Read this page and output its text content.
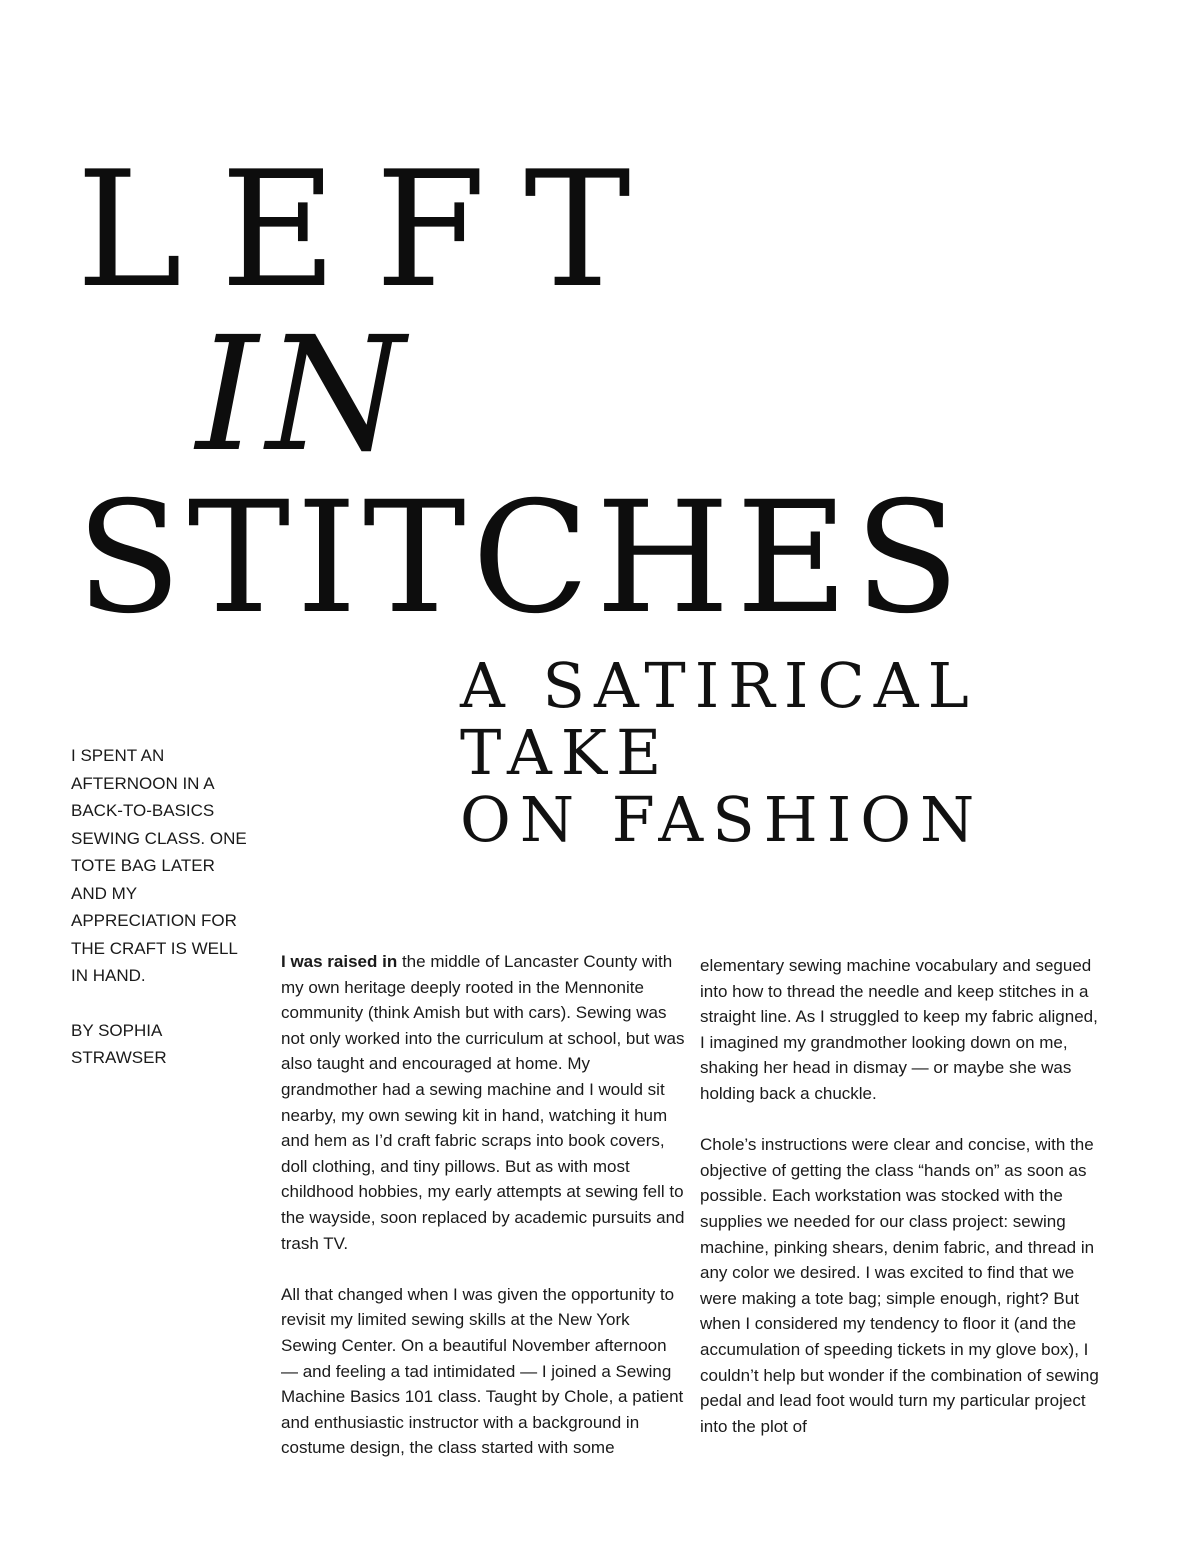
LEFT
IN
STITCHES
A SATIRICAL
TAKE
ON FASHION

I SPENT AN AFTERNOON IN A BACK-TO-BASICS SEWING CLASS. ONE TOTE BAG LATER AND MY APPRECIATION FOR THE CRAFT IS WELL IN HAND.

BY SOPHIA STRAWSER

I was raised in the middle of Lancaster County with my own heritage deeply rooted in the Mennonite community (think Amish but with cars). Sewing was not only worked into the curriculum at school, but was also taught and encouraged at home. My grandmother had a sewing machine and I would sit nearby, my own sewing kit in hand, watching it hum and hem as I’d craft fabric scraps into book covers, doll clothing, and tiny pillows. But as with most childhood hobbies, my early attempts at sewing fell to the wayside, soon replaced by academic pursuits and trash TV.

All that changed when I was given the opportunity to revisit my limited sewing skills at the New York Sewing Center. On a beautiful November afternoon — and feeling a tad intimidated — I joined a Sewing Machine Basics 101 class. Taught by Chole, a patient and enthusiastic instructor with a background in costume design, the class started with some

elementary sewing machine vocabulary and segued into how to thread the needle and keep stitches in a straight line. As I struggled to keep my fabric aligned, I imagined my grandmother looking down on me, shaking her head in dismay — or maybe she was holding back a chuckle.

Chole’s instructions were clear and concise, with the objective of getting the class “hands on” as soon as possible. Each workstation was stocked with the supplies we needed for our class project: sewing machine, pinking shears, denim fabric, and thread in any color we desired. I was excited to find that we were making a tote bag; simple enough, right? But when I considered my tendency to floor it (and the accumulation of speeding tickets in my glove box), I couldn’t help but wonder if the combination of sewing pedal and lead foot would turn my particular project into the plot of
